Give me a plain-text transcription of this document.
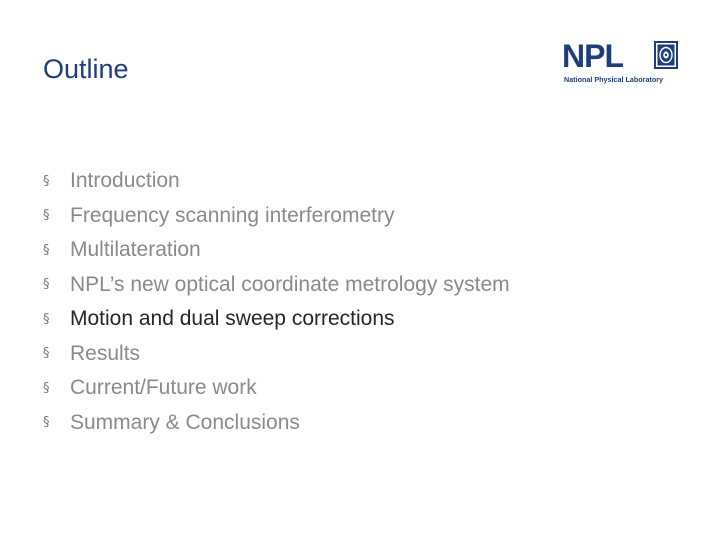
Outline	NPL
National Physical Laboratory
§ Introduction
§ Frequency scanning interferometry
§ Multilateration
§ NPL’s new optical coordinate metrology system
§ Motion and dual sweep corrections
§ Results
§ Current/Future work
§ Summary & Conclusions
